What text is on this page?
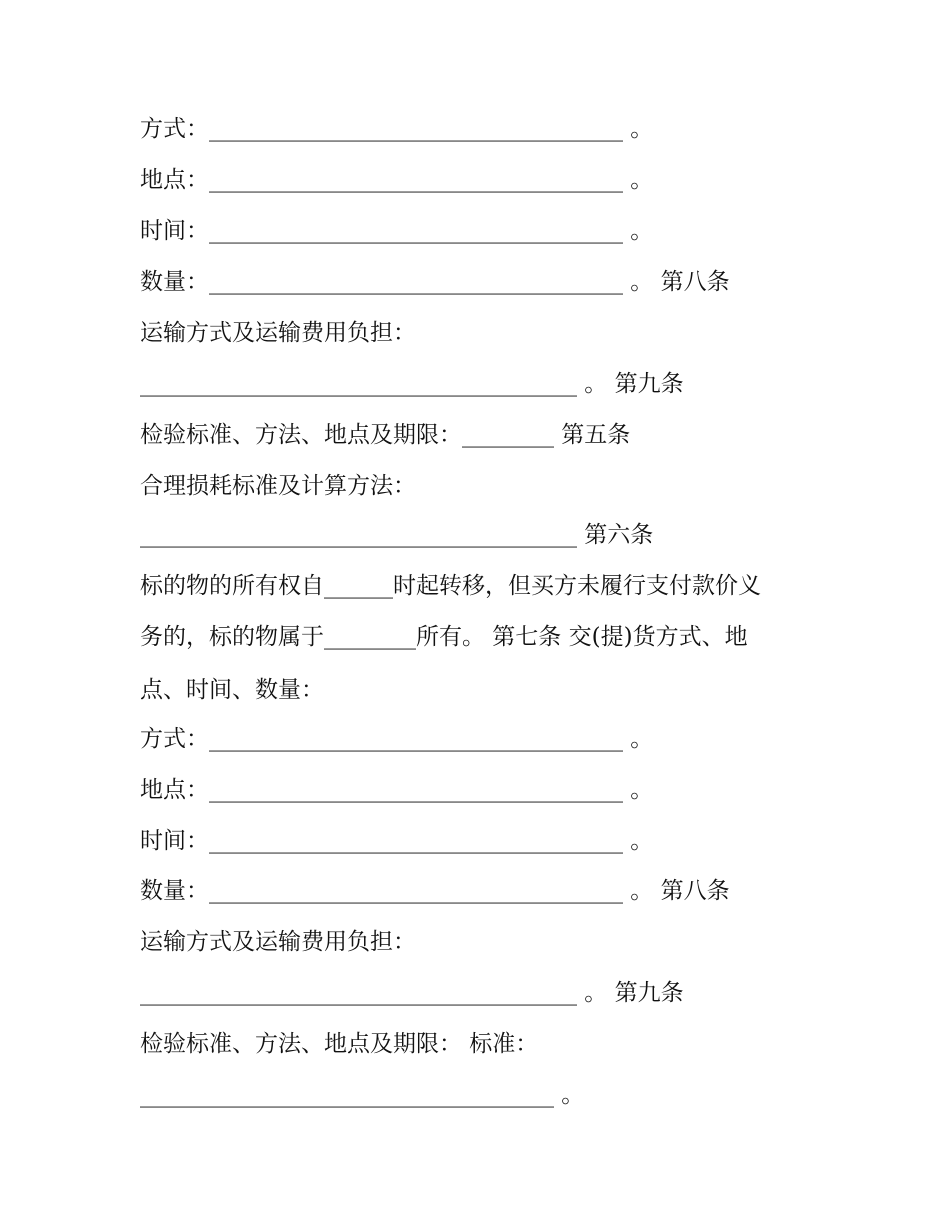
方式：____________________________________ 。
地点：____________________________________ 。
时间：____________________________________ 。
数量：____________________________________ 。 第八条
运输方式及运输费用负担：
______________________________________ 。 第九条
检验标准、方法、地点及期限：________ 第五条
合理损耗标准及计算方法：
______________________________________ 第六条
标的物的所有权自______时起转移，但买方未履行支付款价义
务的，标的物属于________所有。 第七条 交(提)货方式、地
点、时间、数量：
方式：____________________________________ 。
地点：____________________________________ 。
时间：____________________________________ 。
数量：____________________________________ 。 第八条
运输方式及运输费用负担：
______________________________________ 。 第九条
检验标准、方法、地点及期限： 标准：
____________________________________ 。
